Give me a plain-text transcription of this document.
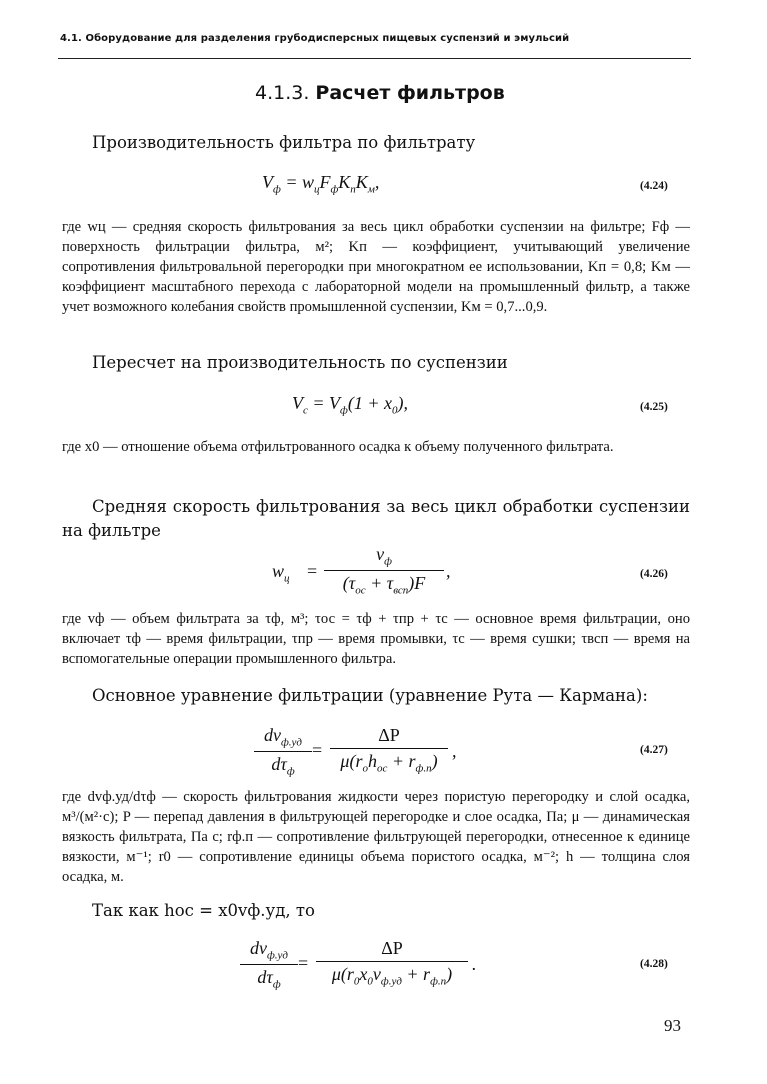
4.1. Оборудование для разделения грубодисперсных пищевых суспензий и эмульсий
4.1.3. Расчет фильтров
Производительность фильтра по фильтрату
$V_ф = w_цF_фK_пK_м$,	(4.24)
где wц — средняя скорость фильтрования за весь цикл обработки суспензии на фильтре; Fф — поверхность фильтрации фильтра, м²; Kп — коэффициент, учитывающий увеличение сопротивления фильтровальной перегородки при многократном ее использовании, Kп = 0,8; Kм — коэффициент масштабного перехода с лабораторной модели на промышленный фильтр, а также учет возможного колебания свойств промышленной суспензии, Kм = 0,7...0,9.
Пересчет на производительность по суспензии
$V_с = V_ф(1 + x_0)$,	(4.25)
где x0 — отношение объема отфильтрованного осадка к объему полученного фильтрата.
Средняя скорость фильтрования за весь цикл обработки суспензии на фильтре
$w_ц$ =
$v_ф$
$(\tau_{ос} + \tau_{всп})F$
,	(4.26)
где vф — объем фильтрата за τф, м³; τос = τф + τпр + τс — основное время фильтрации, оно включает τф — время фильтрации, τпр — время промывки, τс — время сушки; τвсп — время на вспомогательные операции промышленного фильтра.
Основное уравнение фильтрации (уравнение Рута — Кармана):
$dv_{ф.уд}$
$d\tau_ф$
=
ΔP
$\mu(r_оh_{ос} + r_{ф.п})$ ,	(4.27)
где dvф.уд/dτф — скорость фильтрования жидкости через пористую перегородку и слой осадка, м³/(м²·с); P — перепад давления в фильтрующей перегородке и слое осадка, Па; μ — динамическая вязкость фильтрата, Па с; rф.п — сопротивление фильтрующей перегородки, отнесенное к единице вязкости, м⁻¹; r0 — сопротивление единицы объема пористого осадка, м⁻²; h — толщина слоя осадка, м.
Так как hос = x0vф.уд, то
$dv_{ф.уд}$
$d\tau_ф$
=
ΔP
$\mu(r_0x_0v_{ф.уд} + r_{ф.п})$	.	(4.28)
93
